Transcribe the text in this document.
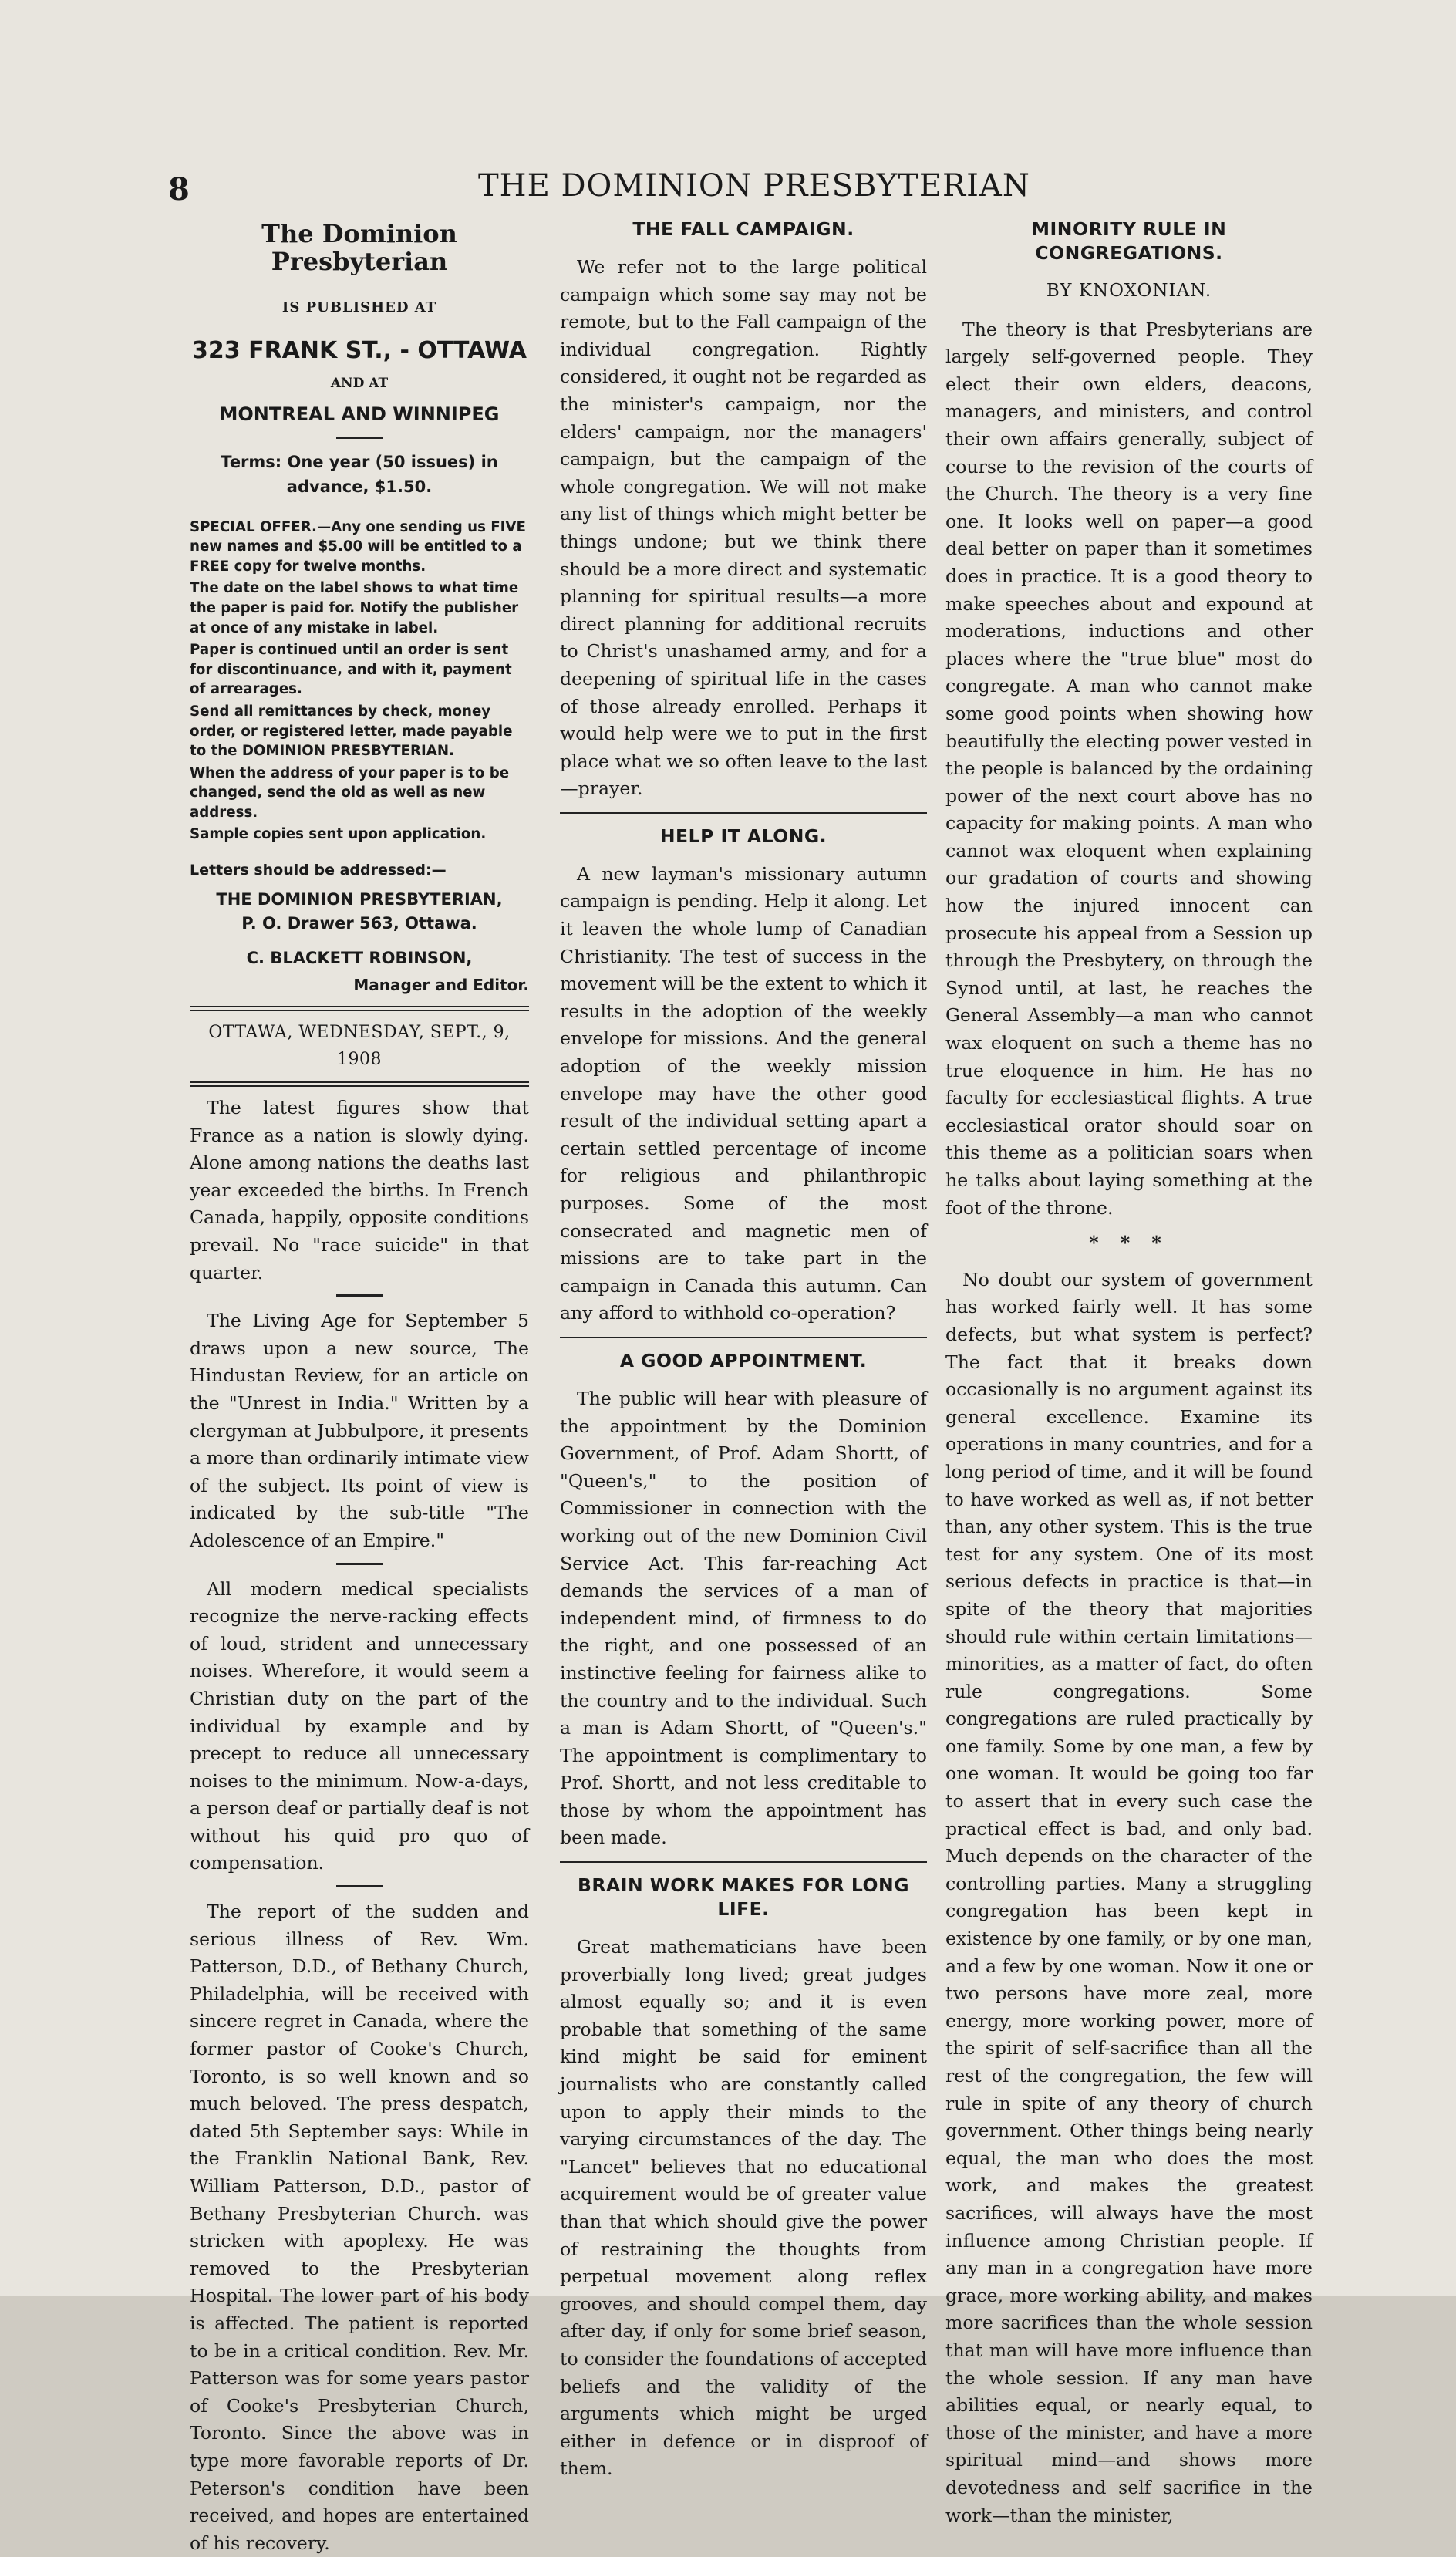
8	THE DOMINION PRESBYTERIAN
The Dominion Presbyterian
IS PUBLISHED AT
323 FRANK ST., - OTTAWA
AND AT
MONTREAL AND WINNIPEG
Terms: One year (50 issues) in advance, $1.50.

SPECIAL OFFER.—Any one sending us FIVE new names and $5.00 will be entitled to a FREE copy for twelve months.

The date on the label shows to what time the paper is paid for. Notify the publisher at once of any mistake in label.

Paper is continued until an order is sent for discontinuance, and with it, payment of arrearages.

Send all remittances by check, money order, or registered letter, made payable to the DOMINION PRESBYTERIAN.

When the address of your paper is to be changed, send the old as well as new address.

Sample copies sent upon application.

Letters should be addressed:—
THE DOMINION PRESBYTERIAN,
P. O. Drawer 563, Ottawa.
C. BLACKETT ROBINSON,
Manager and Editor.
OTTAWA, WEDNESDAY, SEPT., 9, 1908

The latest figures show that France as a nation is slowly dying. Alone among nations the deaths last year exceeded the births. In French Canada, happily, opposite conditions prevail. No "race suicide" in that quarter.

The Living Age for September 5 draws upon a new source, The Hindustan Review, for an article on the "Unrest in India." Written by a clergyman at Jubbulpore, it presents a more than ordinarily intimate view of the subject. Its point of view is indicated by the sub-title "The Adolescence of an Empire."

All modern medical specialists recognize the nerve-racking effects of loud, strident and unnecessary noises. Wherefore, it would seem a Christian duty on the part of the individual by example and by precept to reduce all unnecessary noises to the minimum. Now-a-days, a person deaf or partially deaf is not without his quid pro quo of compensation.

The report of the sudden and serious illness of Rev. Wm. Patterson, D.D., of Bethany Church, Philadelphia, will be received with sincere regret in Canada, where the former pastor of Cooke's Church, Toronto, is so well known and so much beloved. The press despatch, dated 5th September says: While in the Franklin National Bank, Rev. William Patterson, D.D., pastor of Bethany Presbyterian Church. was stricken with apoplexy. He was removed to the Presbyterian Hospital. The lower part of his body is affected. The patient is reported to be in a critical condition. Rev. Mr. Patterson was for some years pastor of Cooke's Presbyterian Church, Toronto. Since the above was in type more favorable reports of Dr. Peterson's condition have been received, and hopes are entertained of his recovery.

THE FALL CAMPAIGN.

We refer not to the large political campaign which some say may not be remote, but to the Fall campaign of the individual congregation. Rightly considered, it ought not be regarded as the minister's campaign, nor the elders' campaign, nor the managers' campaign, but the campaign of the whole congregation. We will not make any list of things which might better be things undone; but we think there should be a more direct and systematic planning for spiritual results—a more direct planning for additional recruits to Christ's unashamed army, and for a deepening of spiritual life in the cases of those already enrolled. Perhaps it would help were we to put in the first place what we so often leave to the last—prayer.

HELP IT ALONG.

A new layman's missionary autumn campaign is pending. Help it along. Let it leaven the whole lump of Canadian Christianity. The test of success in the movement will be the extent to which it results in the adoption of the weekly envelope for missions. And the general adoption of the weekly mission envelope may have the other good result of the individual setting apart a certain settled percentage of income for religious and philanthropic purposes. Some of the most consecrated and magnetic men of missions are to take part in the campaign in Canada this autumn. Can any afford to withhold co-operation?

A GOOD APPOINTMENT.

The public will hear with pleasure of the appointment by the Dominion Government, of Prof. Adam Shortt, of "Queen's," to the position of Commissioner in connection with the working out of the new Dominion Civil Service Act. This far-reaching Act demands the services of a man of independent mind, of firmness to do the right, and one possessed of an instinctive feeling for fairness alike to the country and to the individual. Such a man is Adam Shortt, of "Queen's." The appointment is complimentary to Prof. Shortt, and not less creditable to those by whom the appointment has been made.

BRAIN WORK MAKES FOR LONG LIFE.

Great mathematicians have been proverbially long lived; great judges almost equally so; and it is even probable that something of the same kind might be said for eminent journalists who are constantly called upon to apply their minds to the varying circumstances of the day. The "Lancet" believes that no educational acquirement would be of greater value than that which should give the power of restraining the thoughts from perpetual movement along reflex grooves, and should compel them, day after day, if only for some brief season, to consider the foundations of accepted beliefs and the validity of the arguments which might be urged either in defence or in disproof of them.

MINORITY RULE IN CONGREGATIONS.
BY KNOXONIAN.

The theory is that Presbyterians are largely self-governed people. They elect their own elders, deacons, managers, and ministers, and control their own affairs generally, subject of course to the revision of the courts of the Church. The theory is a very fine one. It looks well on paper—a good deal better on paper than it sometimes does in practice. It is a good theory to make speeches about and expound at moderations, inductions and other places where the "true blue" most do congregate. A man who cannot make some good points when showing how beautifully the electing power vested in the people is balanced by the ordaining power of the next court above has no capacity for making points. A man who cannot wax eloquent when explaining our gradation of courts and showing how the injured innocent can prosecute his appeal from a Session up through the Presbytery, on through the Synod until, at last, he reaches the General Assembly—a man who cannot wax eloquent on such a theme has no true eloquence in him. He has no faculty for ecclesiastical flights. A true ecclesiastical orator should soar on this theme as a politician soars when he talks about laying something at the foot of the throne.

* * *

No doubt our system of government has worked fairly well. It has some defects, but what system is perfect? The fact that it breaks down occasionally is no argument against its general excellence. Examine its operations in many countries, and for a long period of time, and it will be found to have worked as well as, if not better than, any other system. This is the true test for any system. One of its most serious defects in practice is that—in spite of the theory that majorities should rule within certain limitations—minorities, as a matter of fact, do often rule congregations. Some congregations are ruled practically by one family. Some by one man, a few by one woman. It would be going too far to assert that in every such case the practical effect is bad, and only bad. Much depends on the character of the controlling parties. Many a struggling congregation has been kept in existence by one family, or by one man, and a few by one woman. Now it one or two persons have more zeal, more energy, more working power, more of the spirit of self-sacrifice than all the rest of the congregation, the few will rule in spite of any theory of church government. Other things being nearly equal, the man who does the most work, and makes the greatest sacrifices, will always have the most influence among Christian people. If any man in a congregation have more grace, more working ability, and makes more sacrifices than the whole session that man will have more influence than the whole session. If any man have abilities equal, or nearly equal, to those of the minister, and have a more spiritual mind—and shows more devotedness and self sacrifice in the work—than the minister,
